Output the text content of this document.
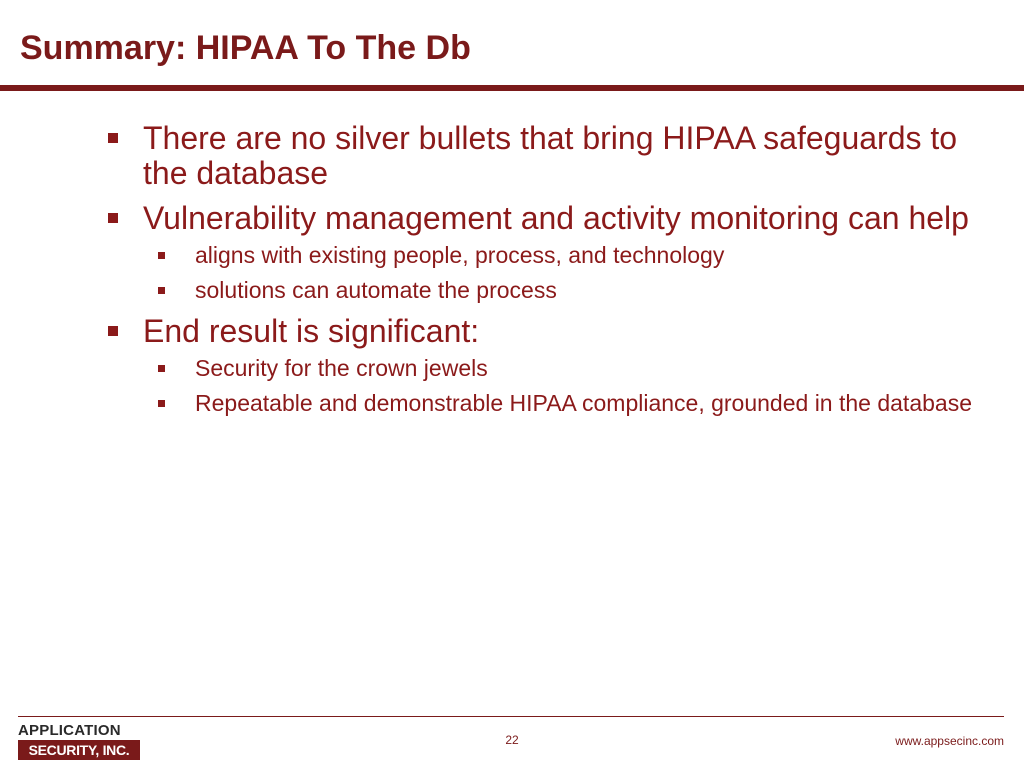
Summary: HIPAA To The Db
There are no silver bullets that bring HIPAA safeguards to the database
Vulnerability management and activity monitoring can help
aligns with existing people, process, and technology
solutions can automate the process
End result is significant:
Security for the crown jewels
Repeatable and demonstrable HIPAA compliance, grounded in the database
APPLICATION
SECURITY, INC.
22	www.appsecinc.com
